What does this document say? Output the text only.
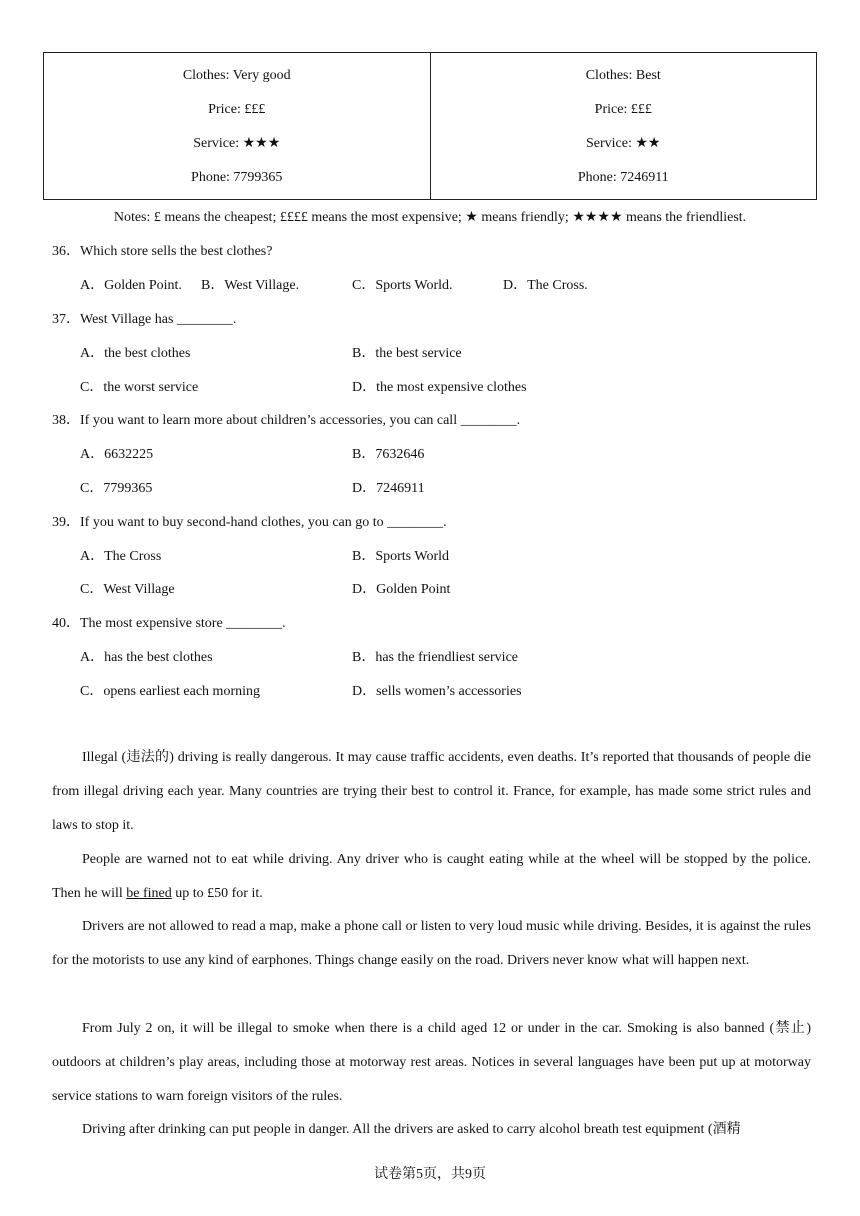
Clothes: Very good
Price: £££
Service: ★★★
Phone: 7799365
Clothes: Best
Price: £££
Service: ★★
Phone: 7246911
Notes: £ means the cheapest; ££££ means the most expensive; ★ means friendly; ★★★★ means the friendliest.
36．Which store sells the best clothes?
A．Golden Point. B．West Village.	C．Sports World.	D．The Cross.
37．West Village has ________.
A．the best clothes	B．the best service
C．the worst service	D．the most expensive clothes
38．If you want to learn more about children’s accessories, you can call ________.
A．6632225	B．7632646
C．7799365	D．7246911
39．If you want to buy second-hand clothes, you can go to ________.
A．The Cross	B．Sports World
C．West Village	D．Golden Point
40．The most expensive store ________.
A．has the best clothes	B．has the friendliest service
C．opens earliest each morning	D．sells women’s accessories

Illegal (违法的) driving is really dangerous. It may cause traffic accidents, even deaths. It’s reported that thousands of people die from illegal driving each year. Many countries are trying their best to control it. France, for example, has made some strict rules and laws to stop it.

People are warned not to eat while driving. Any driver who is caught eating while at the wheel will be stopped by the police. Then he will be fined up to £50 for it.

Drivers are not allowed to read a map, make a phone call or listen to very loud music while driving. Besides, it is against the rules for the motorists to use any kind of earphones. Things change easily on the road. Drivers never know what will happen next.

From July 2 on, it will be illegal to smoke when there is a child aged 12 or under in the car. Smoking is also banned (禁止) outdoors at children’s play areas, including those at motorway rest areas. Notices in several languages have been put up at motorway service stations to warn foreign visitors of the rules.

Driving after drinking can put people in danger. All the drivers are asked to carry alcohol breath test equipment (酒精

试卷第5页，共9页
